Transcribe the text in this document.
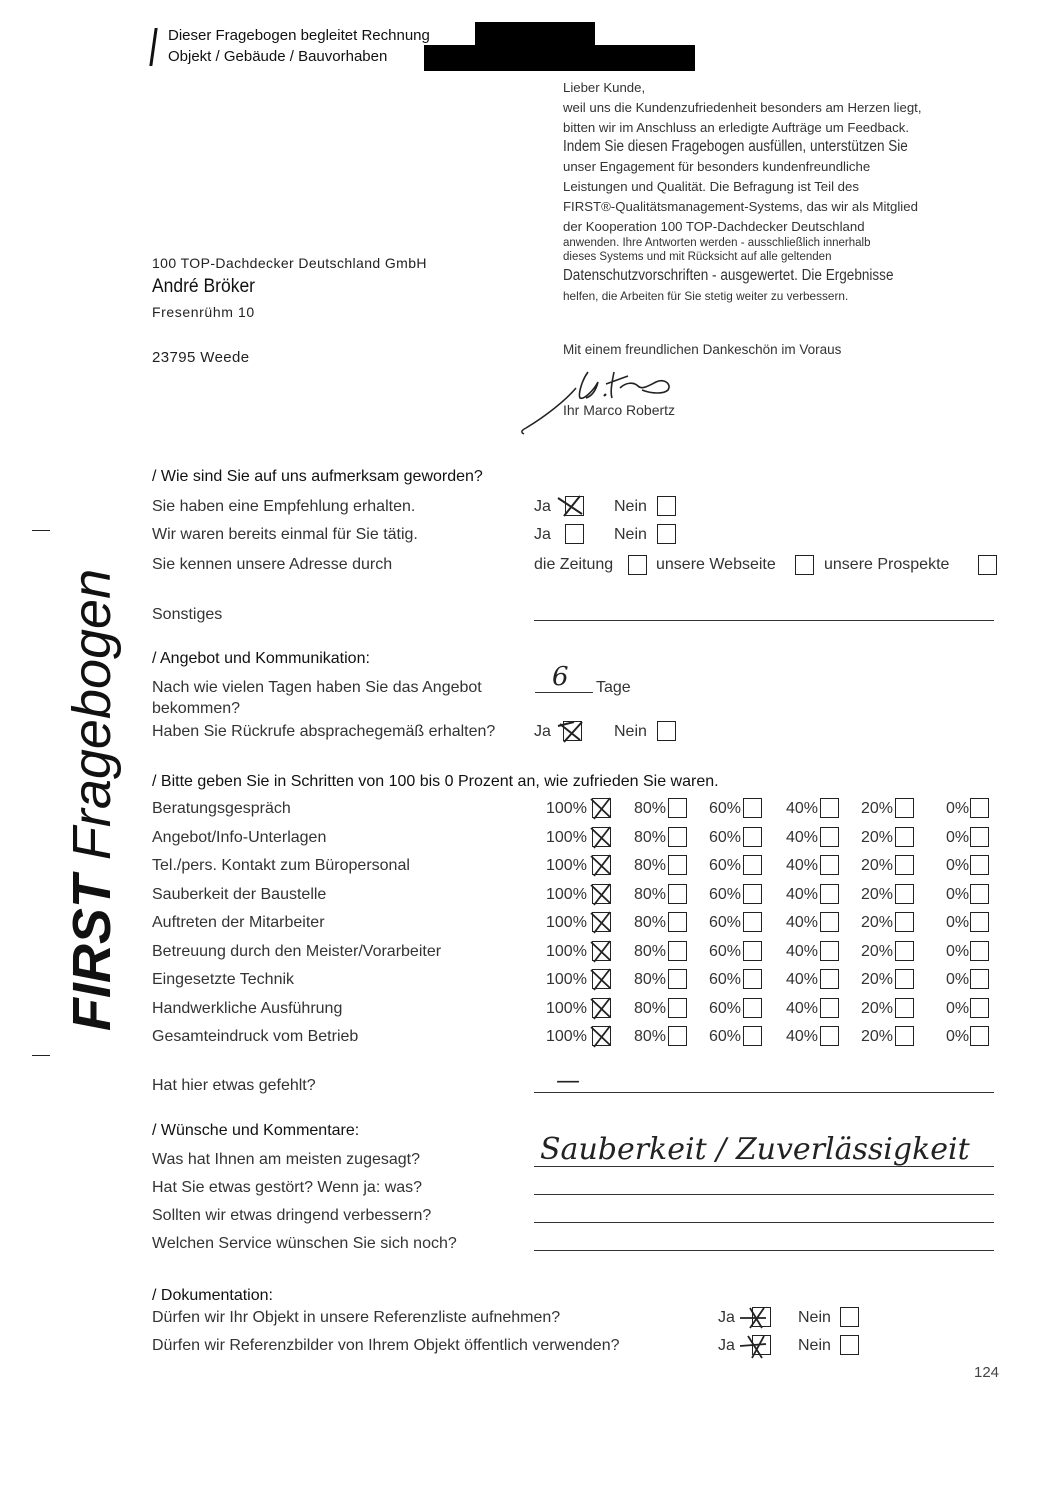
Dieser Fragebogen begleitet Rechnung
Objekt / Gebäude / Bauvorhaben
100 TOP-Dachdecker Deutschland GmbH
André Bröker
Fresenrühm 10
23795 Weede

Lieber Kunde,

weil uns die Kundenzufriedenheit besonders am Herzen liegt,

bitten wir im Anschluss an erledigte Aufträge um Feedback.

Indem Sie diesen Fragebogen ausfüllen, unterstützen Sie

unser Engagement für besonders kundenfreundliche

Leistungen und Qualität. Die Befragung ist Teil des

FIRST®-Qualitätsmanagement-Systems, das wir als Mitglied

der Kooperation 100 TOP-Dachdecker Deutschland

anwenden. Ihre Antworten werden - ausschließlich innerhalb

dieses Systems und mit Rücksicht auf alle geltenden

Datenschutzvorschriften - ausgewertet. Die Ergebnisse

helfen, die Arbeiten für Sie stetig weiter zu verbessern.

Mit einem freundlichen Dankeschön im Voraus
Ihr Marco Robertz
FIRST Fragebogen
/ Wie sind Sie auf uns aufmerksam geworden?
Sie haben eine Empfehlung erhalten.	Ja	Nein
Wir waren bereits einmal für Sie tätig.	Ja	Nein
Sie kennen unsere Adresse durch	die Zeitung	unsere Webseite	unsere Prospekte
Sonstiges
/ Angebot und Kommunikation:
Nach wie vielen Tagen haben Sie das Angebot
bekommen?
6 Tage
Haben Sie Rückrufe absprachegemäß erhalten? Ja	Nein
/ Bitte geben Sie in Schritten von 100 bis 0 Prozent an, wie zufrieden Sie waren.
Beratungsgespräch	100%	80%	60%	40%	20%	0%
Angebot/Info-Unterlagen	100%	80%	60%	40%	20%	0%
Tel./pers. Kontakt zum Büropersonal	100%	80%	60%	40%	20%	0%
Sauberkeit der Baustelle	100%	80%	60%	40%	20%	0%
Auftreten der Mitarbeiter	100%	80%	60%	40%	20%	0%
Betreuung durch den Meister/Vorarbeiter	100%	80%	60%	40%	20%	0%
Eingesetzte Technik	100%	80%	60%	40%	20%	0%
Handwerkliche Ausführung	100%	80%	60%	40%	20%	0%
Gesamteindruck vom Betrieb	100%	80%	60%	40%	20%	0%
Hat hier etwas gefehlt?	—
/ Wünsche und Kommentare:
Was hat Ihnen am meisten zugesagt?	Sauberkeit / Zuverlässigkeit
Hat Sie etwas gestört? Wenn ja: was?
Sollten wir etwas dringend verbessern?
Welchen Service wünschen Sie sich noch?
/ Dokumentation:
Dürfen wir Ihr Objekt in unsere Referenzliste aufnehmen?	Ja	Nein
Dürfen wir Referenzbilder von Ihrem Objekt öffentlich verwenden?	Ja	Nein
124
